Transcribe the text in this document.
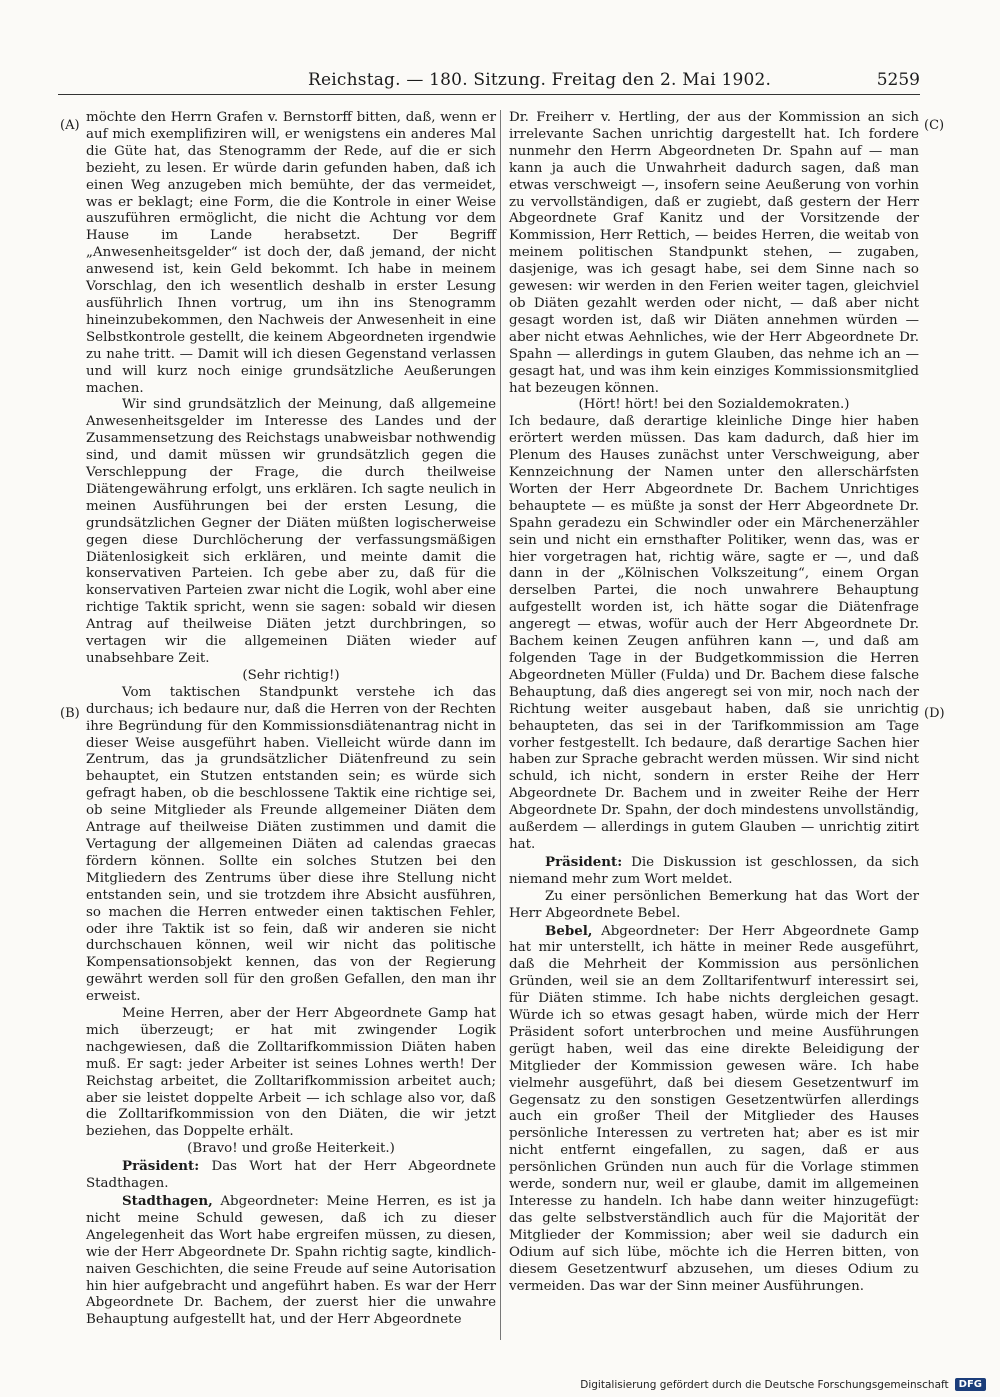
Reichstag. — 180. Sitzung. Freitag den 2. Mai 1902.	5259
(A)
(B)
(C)
(D)

möchte den Herrn Grafen v. Bernstorff bitten, daß, wenn er auf mich exemplifiziren will, er wenigstens ein anderes Mal die Güte hat, das Stenogramm der Rede, auf die er sich bezieht, zu lesen. Er würde darin gefunden haben, daß ich einen Weg anzugeben mich bemühte, der das vermeidet, was er beklagt; eine Form, die die Kontrole in einer Weise auszuführen ermöglicht, die nicht die Achtung vor dem Hause im Lande herabsetzt. Der Begriff „Anwesenheitsgelder“ ist doch der, daß jemand, der nicht anwesend ist, kein Geld bekommt. Ich habe in meinem Vorschlag, den ich wesentlich deshalb in erster Lesung ausführlich Ihnen vortrug, um ihn ins Stenogramm hineinzubekommen, den Nachweis der Anwesenheit in eine Selbstkontrole gestellt, die keinem Abgeordneten irgendwie zu nahe tritt. — Damit will ich diesen Gegenstand verlassen und will kurz noch einige grundsätzliche Aeußerungen machen.

Wir sind grundsätzlich der Meinung, daß allgemeine Anwesenheitsgelder im Interesse des Landes und der Zusammensetzung des Reichstags unabweisbar nothwendig sind, und damit müssen wir grundsätzlich gegen die Verschleppung der Frage, die durch theilweise Diätengewährung erfolgt, uns erklären. Ich sagte neulich in meinen Ausführungen bei der ersten Lesung, die grundsätzlichen Gegner der Diäten müßten logischerweise gegen diese Durchlöcherung der verfassungsmäßigen Diätenlosigkeit sich erklären, und meinte damit die konservativen Parteien. Ich gebe aber zu, daß für die konservativen Parteien zwar nicht die Logik, wohl aber eine richtige Taktik spricht, wenn sie sagen: sobald wir diesen Antrag auf theilweise Diäten jetzt durchbringen, so vertagen wir die allgemeinen Diäten wieder auf unabsehbare Zeit.

(Sehr richtig!)

Vom taktischen Standpunkt verstehe ich das durchaus; ich bedaure nur, daß die Herren von der Rechten ihre Begründung für den Kommissionsdiätenantrag nicht in dieser Weise ausgeführt haben. Vielleicht würde dann im Zentrum, das ja grundsätzlicher Diätenfreund zu sein behauptet, ein Stutzen entstanden sein; es würde sich gefragt haben, ob die beschlossene Taktik eine richtige sei, ob seine Mitglieder als Freunde allgemeiner Diäten dem Antrage auf theilweise Diäten zustimmen und damit die Vertagung der allgemeinen Diäten ad calendas graecas fördern können. Sollte ein solches Stutzen bei den Mitgliedern des Zentrums über diese ihre Stellung nicht entstanden sein, und sie trotzdem ihre Absicht ausführen, so machen die Herren entweder einen taktischen Fehler, oder ihre Taktik ist so fein, daß wir anderen sie nicht durchschauen können, weil wir nicht das politische Kompensationsobjekt kennen, das von der Regierung gewährt werden soll für den großen Gefallen, den man ihr erweist.

Meine Herren, aber der Herr Abgeordnete Gamp hat mich überzeugt; er hat mit zwingender Logik nachgewiesen, daß die Zolltarifkommission Diäten haben muß. Er sagt: jeder Arbeiter ist seines Lohnes werth! Der Reichstag arbeitet, die Zolltarifkommission arbeitet auch; aber sie leistet doppelte Arbeit — ich schlage also vor, daß die Zolltarifkommission von den Diäten, die wir jetzt beziehen, das Doppelte erhält.

(Bravo! und große Heiterkeit.)

Präsident: Das Wort hat der Herr Abgeordnete Stadthagen.

Stadthagen, Abgeordneter: Meine Herren, es ist ja nicht meine Schuld gewesen, daß ich zu dieser Angelegenheit das Wort habe ergreifen müssen, zu diesen, wie der Herr Abgeordnete Dr. Spahn richtig sagte, kindlich-naiven Geschichten, die seine Freude auf seine Autorisation hin hier aufgebracht und angeführt haben. Es war der Herr Abgeordnete Dr. Bachem, der zuerst hier die unwahre Behauptung aufgestellt hat, und der Herr Abgeordnete

Dr. Freiherr v. Hertling, der aus der Kommission an sich irrelevante Sachen unrichtig dargestellt hat. Ich fordere nunmehr den Herrn Abgeordneten Dr. Spahn auf — man kann ja auch die Unwahrheit dadurch sagen, daß man etwas verschweigt —, insofern seine Aeußerung von vorhin zu vervollständigen, daß er zugiebt, daß gestern der Herr Abgeordnete Graf Kanitz und der Vorsitzende der Kommission, Herr Rettich, — beides Herren, die weitab von meinem politischen Standpunkt stehen, — zugaben, dasjenige, was ich gesagt habe, sei dem Sinne nach so gewesen: wir werden in den Ferien weiter tagen, gleichviel ob Diäten gezahlt werden oder nicht, — daß aber nicht gesagt worden ist, daß wir Diäten annehmen würden — aber nicht etwas Aehnliches, wie der Herr Abgeordnete Dr. Spahn — allerdings in gutem Glauben, das nehme ich an — gesagt hat, und was ihm kein einziges Kommissionsmitglied hat bezeugen können.

(Hört! hört! bei den Sozialdemokraten.)

Ich bedaure, daß derartige kleinliche Dinge hier haben erörtert werden müssen. Das kam dadurch, daß hier im Plenum des Hauses zunächst unter Verschweigung, aber Kennzeichnung der Namen unter den allerschärfsten Worten der Herr Abgeordnete Dr. Bachem Unrichtiges behauptete — es müßte ja sonst der Herr Abgeordnete Dr. Spahn geradezu ein Schwindler oder ein Märchenerzähler sein und nicht ein ernsthafter Politiker, wenn das, was er hier vorgetragen hat, richtig wäre, sagte er —, und daß dann in der „Kölnischen Volkszeitung“, einem Organ derselben Partei, die noch unwahrere Behauptung aufgestellt worden ist, ich hätte sogar die Diätenfrage angeregt — etwas, wofür auch der Herr Abgeordnete Dr. Bachem keinen Zeugen anführen kann —, und daß am folgenden Tage in der Budgetkommission die Herren Abgeordneten Müller (Fulda) und Dr. Bachem diese falsche Behauptung, daß dies angeregt sei von mir, noch nach der Richtung weiter ausgebaut haben, daß sie unrichtig behaupteten, das sei in der Tarifkommission am Tage vorher festgestellt. Ich bedaure, daß derartige Sachen hier haben zur Sprache gebracht werden müssen. Wir sind nicht schuld, ich nicht, sondern in erster Reihe der Herr Abgeordnete Dr. Bachem und in zweiter Reihe der Herr Abgeordnete Dr. Spahn, der doch mindestens unvollständig, außerdem — allerdings in gutem Glauben — unrichtig zitirt hat.

Präsident: Die Diskussion ist geschlossen, da sich niemand mehr zum Wort meldet.

Zu einer persönlichen Bemerkung hat das Wort der Herr Abgeordnete Bebel.

Bebel, Abgeordneter: Der Herr Abgeordnete Gamp hat mir unterstellt, ich hätte in meiner Rede ausgeführt, daß die Mehrheit der Kommission aus persönlichen Gründen, weil sie an dem Zolltarifentwurf interessirt sei, für Diäten stimme. Ich habe nichts dergleichen gesagt. Würde ich so etwas gesagt haben, würde mich der Herr Präsident sofort unterbrochen und meine Ausführungen gerügt haben, weil das eine direkte Beleidigung der Mitglieder der Kommission gewesen wäre. Ich habe vielmehr ausgeführt, daß bei diesem Gesetzentwurf im Gegensatz zu den sonstigen Gesetzentwürfen allerdings auch ein großer Theil der Mitglieder des Hauses persönliche Interessen zu vertreten hat; aber es ist mir nicht entfernt eingefallen, zu sagen, daß er aus persönlichen Gründen nun auch für die Vorlage stimmen werde, sondern nur, weil er glaube, damit im allgemeinen Interesse zu handeln. Ich habe dann weiter hinzugefügt: das gelte selbstverständlich auch für die Majorität der Mitglieder der Kommission; aber weil sie dadurch ein Odium auf sich lübe, möchte ich die Herren bitten, von diesem Gesetzentwurf abzusehen, um dieses Odium zu vermeiden. Das war der Sinn meiner Ausführungen.

Digitalisierung gefördert durch die Deutsche Forschungsgemeinschaft	DFG
